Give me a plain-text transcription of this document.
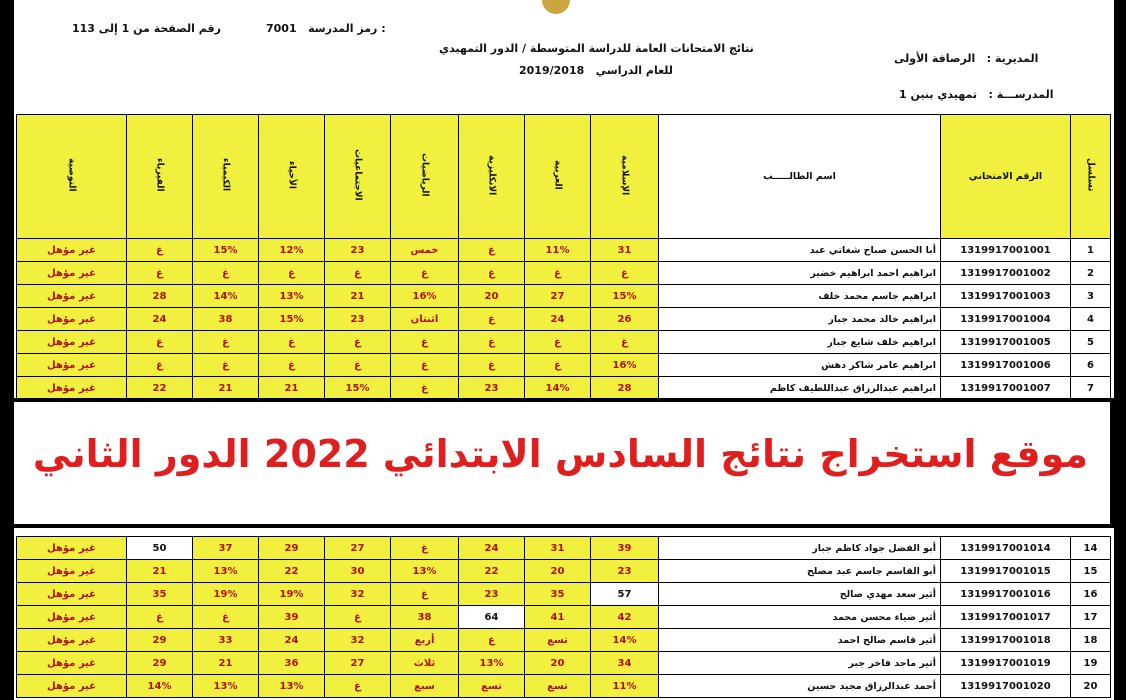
رقم الصفحة من 1 إلى 113	7001 رمز المدرسة :
نتائج الامتحانات العامة للدراسة المتوسطة / الدور التمهيدي
للعام الدراسي   2019/2018
المديرية :   الرصافة الأولى
المدرســـة :   تمهيدي بنين 1
تسلسل	الرقم الامتحاني	اسم الطالـــــب	الإسلامية	العربية	الانكليزية	الرياضيات	الاجتماعيات	الأحياء	الكيمياء	الفيزياء	التوصية
1	1319917001001	أبا الحسن صباح شغاتي عبد	31	11%	غ	خمس	23	12%	15%	غ	غير مؤهل
2	1319917001002	ابراهيم احمد ابراهيم خضير	غ	غ	غ	غ	غ	غ	غ	غ	غير مؤهل
3	1319917001003	ابراهيم جاسم محمد خلف	15%	27	20	16%	21	13%	14%	28	غير مؤهل
4	1319917001004	ابراهيم خالد محمد جبار	26	24	غ	اثنتان	23	15%	38	24	غير مؤهل
5	1319917001005	ابراهيم خلف شايع جبار	غ	غ	غ	غ	غ	غ	غ	غ	غير مؤهل
6	1319917001006	ابراهيم عامر شاكر دهش	16%	غ	غ	غ	غ	غ	غ	غ	غير مؤهل
7	1319917001007	ابراهيم عبدالرزاق عبداللطيف كاظم	28	14%	23	غ	15%	21	21	22	غير مؤهل
14	1319917001014	أبو الفضل جواد كاظم جبار	39	31	24	غ	27	29	37	50	غير مؤهل
15	1319917001015	أبو القاسم جاسم عبد مصلح	23	20	22	13%	30	22	13%	21	غير مؤهل
16	1319917001016	أثير سعد مهدي صالح	57	35	23	غ	32	19%	19%	35	غير مؤهل
17	1319917001017	أثير ضياء محسن محمد	42	41	64	38	غ	39	غ	غ	غير مؤهل
18	1319917001018	أثير قاسم صالح احمد	14%	تسع	غ	أربع	32	24	33	29	غير مؤهل
19	1319917001019	أثير ماجد فاخر جبر	34	20	13%	ثلاث	27	36	21	29	غير مؤهل
20	1319917001020	أحمد عبدالرزاق مجيد حسين	11%	تسع	تسع	سبع	غ	13%	13%	14%	غير مؤهل
موقع استخراج نتائج السادس الابتدائي 2022 الدور الثاني
